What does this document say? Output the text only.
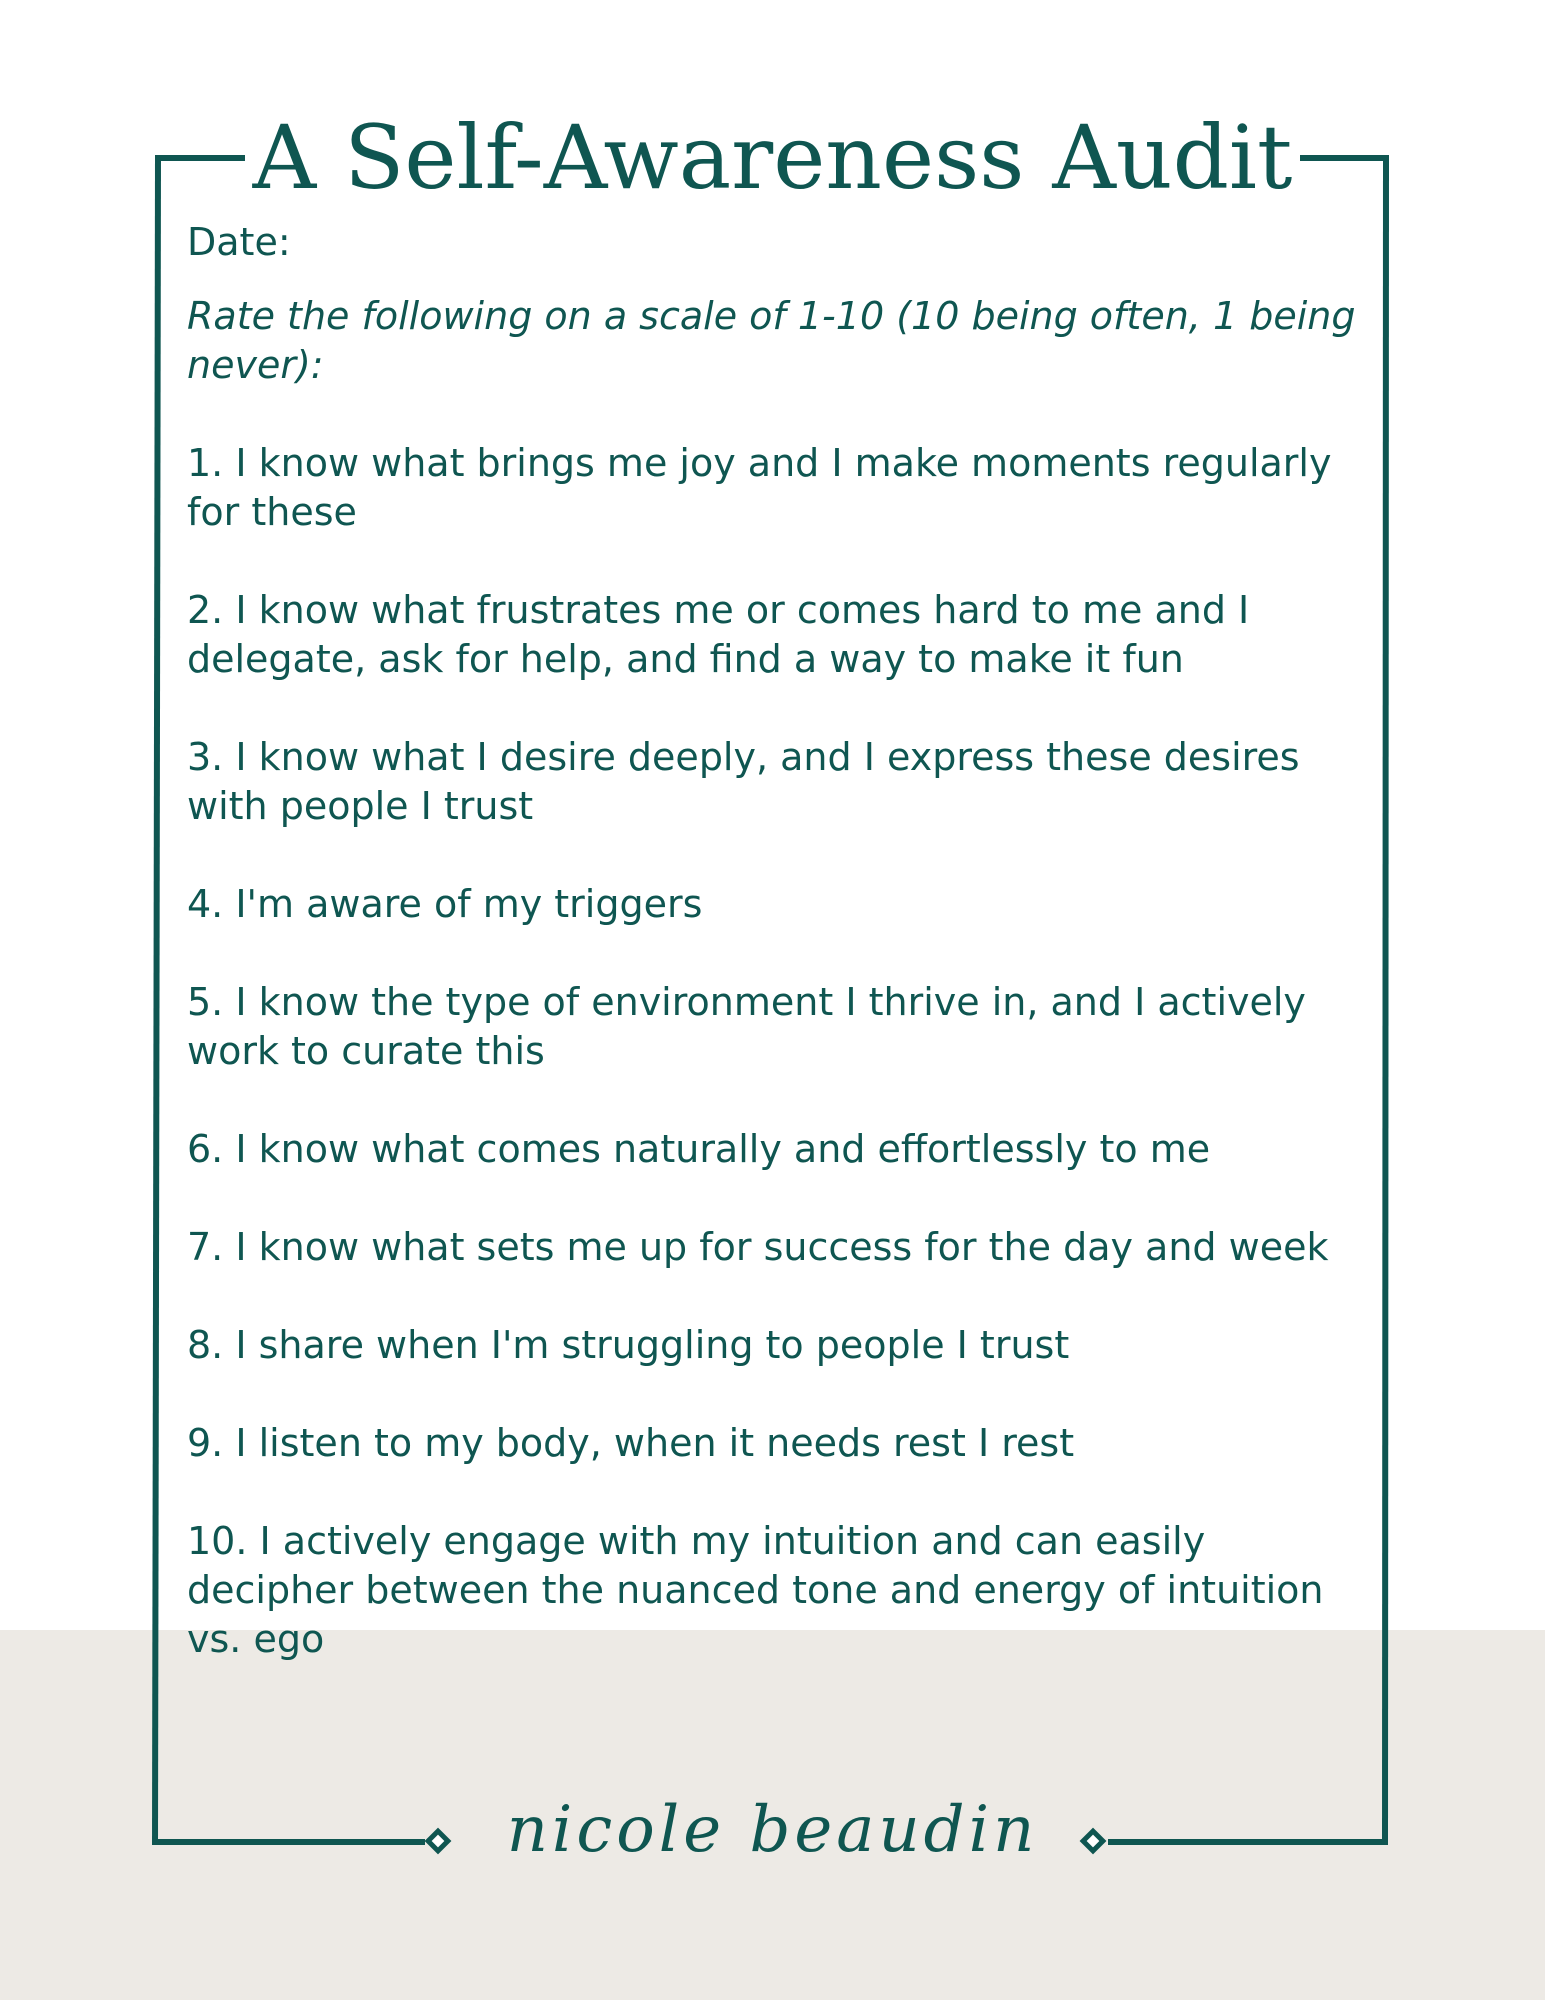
A Self-Awareness Audit
Date:
Rate the following on a scale of 1-10 (10 being often, 1 being never):
1. I know what brings me joy and I make moments regularly for these
2. I know what frustrates me or comes hard to me and I delegate, ask for help, and find a way to make it fun
3. I know what I desire deeply, and I express these desires with people I trust
4. I'm aware of my triggers
5. I know the type of environment I thrive in, and I actively work to curate this
6. I know what comes naturally and effortlessly to me
7. I know what sets me up for success for the day and week
8. I share when I'm struggling to people I trust
9. I listen to my body, when it needs rest I rest
10. I actively engage with my intuition and can easily decipher between the nuanced tone and energy of intuition vs. ego
nicole beaudin
